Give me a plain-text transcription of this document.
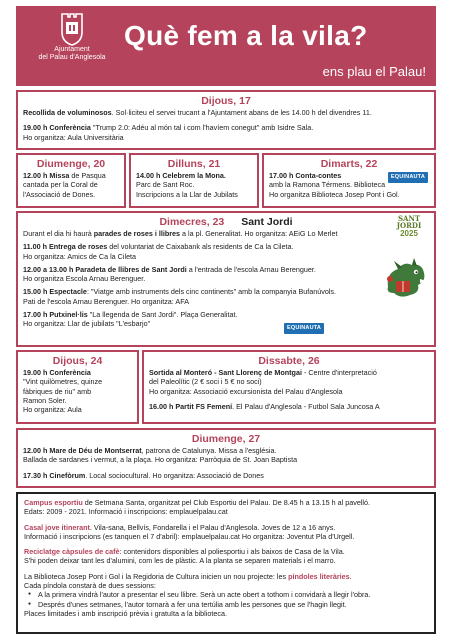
Ajuntament
del Palau d'Anglesola
Què fem a la vila?
ens plau el Palau!
Dijous, 17
Recollida de voluminosos. Sol·liciteu el servei trucant a l'Ajuntament abans de les 14.00 h del divendres 11.
19.00 h Conferència "Trump 2.0: Adéu al món tal i com l'havíem conegut" amb Isidre Sala.
Ho organitza: Aula Universitària
Diumenge, 20
12.00 h Missa de Pasqua
cantada per la Coral de
l'Associació de Dones.
Dilluns, 21
14.00 h Celebrem la Mona.
Parc de Sant Roc.
Inscripcions a la Llar de Jubilats
Dimarts, 22
EQUINAUTA
17.00 h Conta-contes
amb la Ramona Térmens. Biblioteca
Ho organitza Biblioteca Josep Pont i Gol.
Dimecres, 23 Sant Jordi	SANT
JORDI
2025
Durant el dia hi haurà parades de roses i llibres a la pl. Generalitat. Ho organitza: AEiG Lo Merlet
11.00 h Entrega de roses del voluntariat de Caixabank als residents de Ca la Cileta.
Ho organitza: Amics de Ca la Cileta
12.00 a 13.00 h Paradeta de llibres de Sant Jordi a l'entrada de l'escola Arnau Berenguer.
Ho organitza Escola Arnau Berenguer.
15.00 h Espectacle: "Viatge amb instruments dels cinc continents" amb la companyia Bufanúvols.
Pati de l'escola Arnau Berenguer. Ho organitza: AFA
17.00 h Putxinel·lis "La llegenda de Sant Jordi". Plaça Generalitat.
Ho organitza: Llar de jubilats "L'esbarjo"	EQUINAUTA
Dijous, 24
19.00 h Conferència
"Vint quilòmetres, quinze
fàbriques de riu" amb
Ramon Soler.
Ho organitza: Aula
Dissabte, 26
Sortida al Monteró - Sant Llorenç de Montgai - Centre d'interpretació
del Paleolític (2 € soci i 5 € no soci)
Ho organitza: Associació excursionista del Palau d'Anglesola
16.00 h Partit FS Femení. El Palau d'Anglesola - Futbol Sala Juncosa A
Diumenge, 27
12.00 h Mare de Déu de Montserrat, patrona de Catalunya. Missa a l'església.
Ballada de sardanes i vermut, a la plaça. Ho organitza: Parròquia de St. Joan Baptista
17.30 h Cinefòrum. Local sociocultural. Ho organitza: Associació de Dones
Campus esportiu de Setmana Santa, organitzat pel Club Esportiu del Palau. De 8.45 h a 13.15 h al pavelló.
Edats: 2009 - 2021. Informació i inscripcions: emplauelpalau.cat
Casal jove itinerant. Vila-sana, Bellvís, Fondarella i el Palau d'Anglesola. Joves de 12 a 16 anys.
Informació i inscripcions (es tanquen el 7 d'abril): emplauelpalau.cat Ho organitza: Joventut Pla d'Urgell.
Reciclatge càpsules de cafè: contenidors disponibles al poliesportiu i als baixos de Casa de la Vila.
S'hi poden deixar tant les d'alumini, com les de plàstic. A la planta se separen materials i el marro.
La Biblioteca Josep Pont i Gol i la Regidoria de Cultura inicien un nou projecte: les píndoles literàries.
Cada píndola constarà de dues sessions:
● A la primera vindrà l'autor a presentar el seu llibre. Serà un acte obert a tothom i convidarà a llegir l'obra.
● Després d'unes setmanes, l'autor tornarà a fer una tertúlia amb les persones que se l'hagin llegit.
Places limitades i amb inscripció prèvia i gratuïta a la biblioteca.
